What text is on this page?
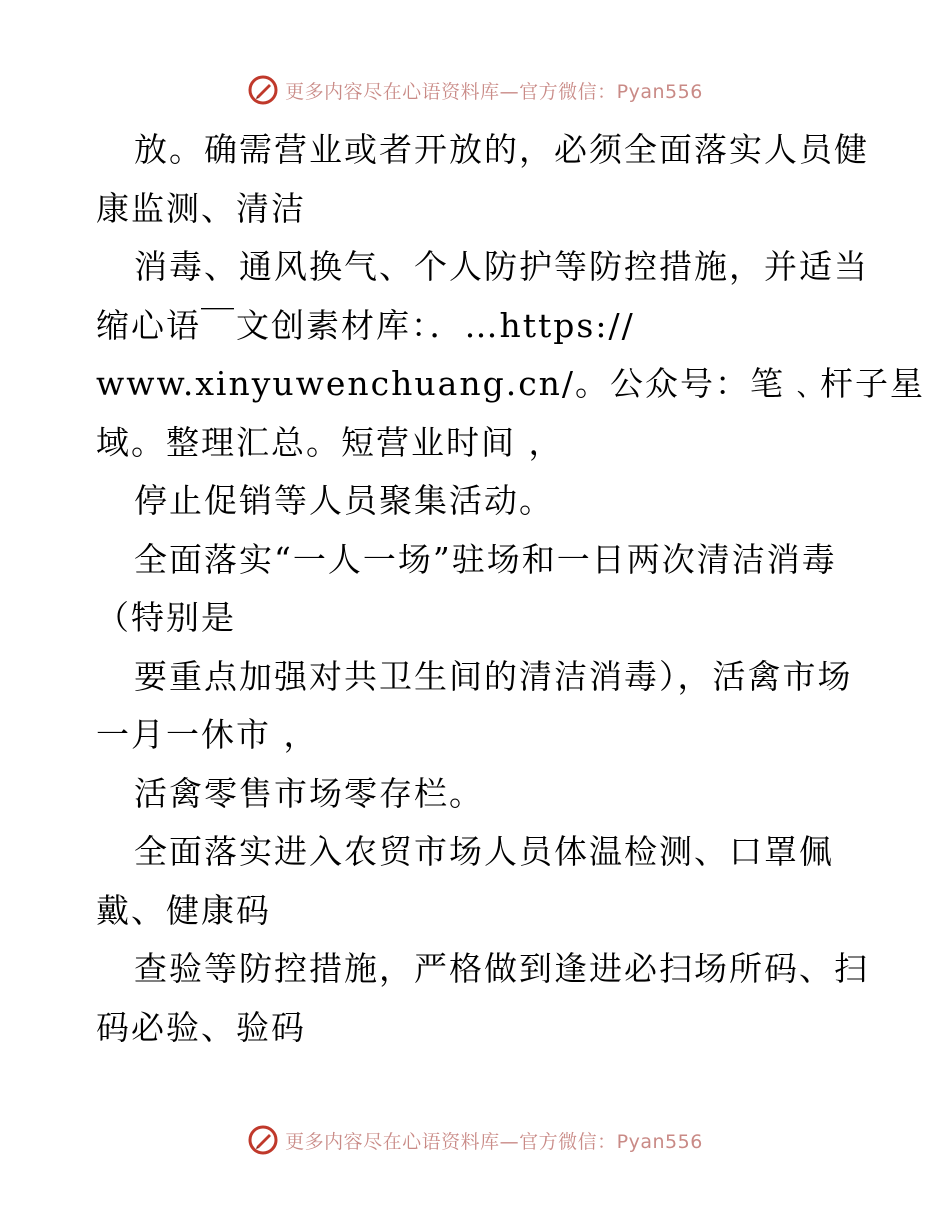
更多内容尽在心语资料库—官方微信：Pyan556
放。确需营业或者开放的，必须全面落实人员健
康监测、清洁
消毒、通风换气、个人防护等防控措施，并适当
缩心语￣文创素材库：．…https://
www.xinyuwenchuang.cn/。公众号：笔﹑杆子星
域。整理汇总。短营业时间 ，
停止促销等人员聚集活动。
全面落实“一人一场”驻场和一日两次清洁消毒
（特别是
要重点加强对共卫生间的清洁消毒），活禽市场
一月一休市 ，
活禽零售市场零存栏。
全面落实进入农贸市场人员体温检测、口罩佩
戴、健康码
查验等防控措施，严格做到逢进必扫场所码、扫
码必验、验码
更多内容尽在心语资料库—官方微信：Pyan556
